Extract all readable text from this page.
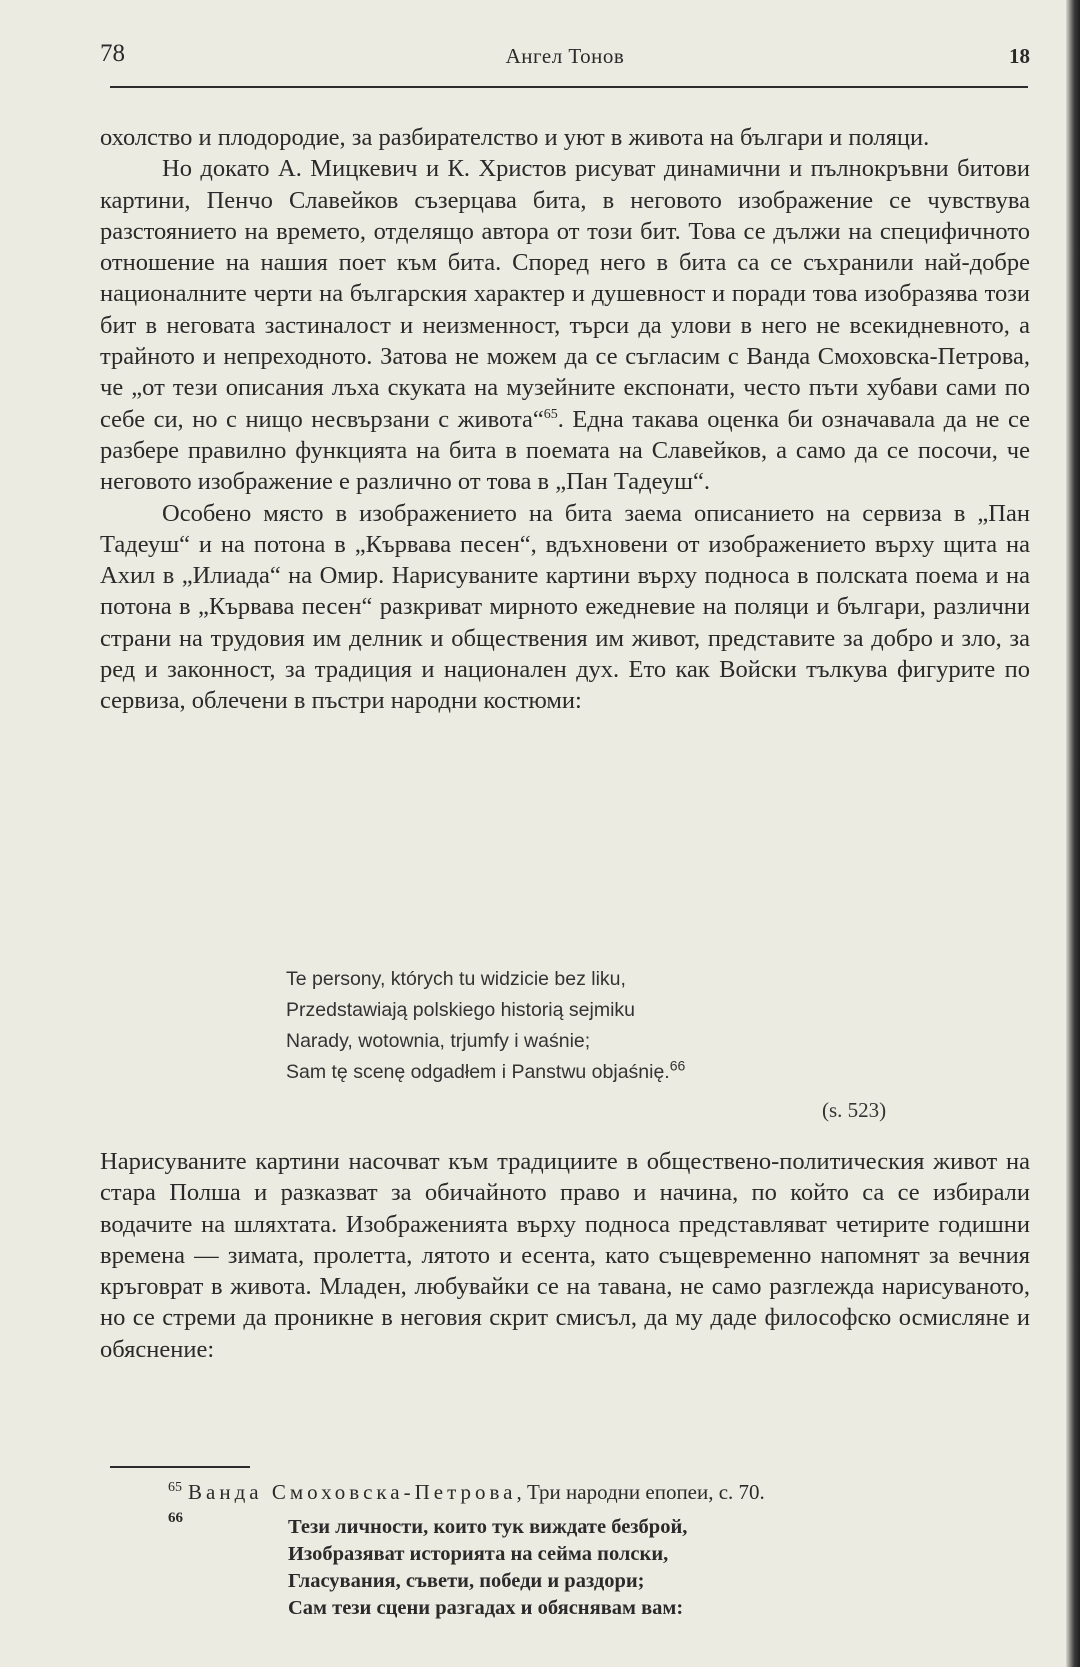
78	Ангел Тонов	18

охолство и плодородие, за разбирателство и уют в живота на българи и поляци.

Но докато А. Мицкевич и К. Христов рисуват динамични и пълнокръвни битови картини, Пенчо Славейков съзерцава бита, в неговото изображение се чувствува разстоянието на времето, отделящо автора от този бит. Това се дължи на специфичното отношение на нашия поет към бита. Според него в бита са се съхранили най-добре националните черти на българския характер и душевност и поради това изобразява този бит в неговата застиналост и неизменност, търси да улови в него не всекидневното, а трайното и непреходното. Затова не можем да се съгласим с Ванда Смоховска-Петрова, че „от тези описания лъха скуката на музейните експонати, често пъти хубави сами по себе си, но с нищо несвързани с живота“$^{65}$. Една такава оценка би означавала да не се разбере правилно функцията на бита в поемата на Славейков, а само да се посочи, че неговото изображение е различно от това в „Пан Тадеуш“.

Особено място в изображението на бита заема описанието на сервиза в „Пан Тадеуш“ и на потона в „Кървава песен“, вдъхновени от изображението върху щита на Ахил в „Илиада“ на Омир. Нарисуваните картини върху подноса в полската поема и на потона в „Кървава песен“ разкриват мирното ежедневие на поляци и българи, различни страни на трудовия им делник и обществения им живот, представите за добро и зло, за ред и законност, за традиция и национален дух. Ето как Войски тълкува фигурите по сервиза, облечени в пъстри народни костюми:

Te persony, których tu widzicie bez liku,
Przedstawiają polskiego historią sejmiku
Narady, wotownia, trjumfy i waśnie;
Sam tę scenę odgadłem i Panstwu objaśnię.$^{66}$
(s. 523)
Нарисуваните картини насочват към традициите в обществено-политическия живот на стара Полша и разказват за обичайното право и начина, по който са се избирали водачите на шляхтата. Изображенията върху подноса представляват четирите годишни времена — зимата, пролетта, лятото и есента, като същевременно напомнят за вечния кръговрат в живота. Младен, любувайки се на тавана, не само разглежда нарисуваното, но се стреми да проникне в неговия скрит смисъл, да му даде философско осмисляне и обяснение:
$^{65}$ Ванда Смоховска-Петрова, Три народни епопеи, с. 70.
66	Тези личности, които тук виждате безброй,
Изобразяват историята на сейма полски,
Гласувания, съвети, победи и раздори;
Сам тези сцени разгадах и обяснявам вам:
